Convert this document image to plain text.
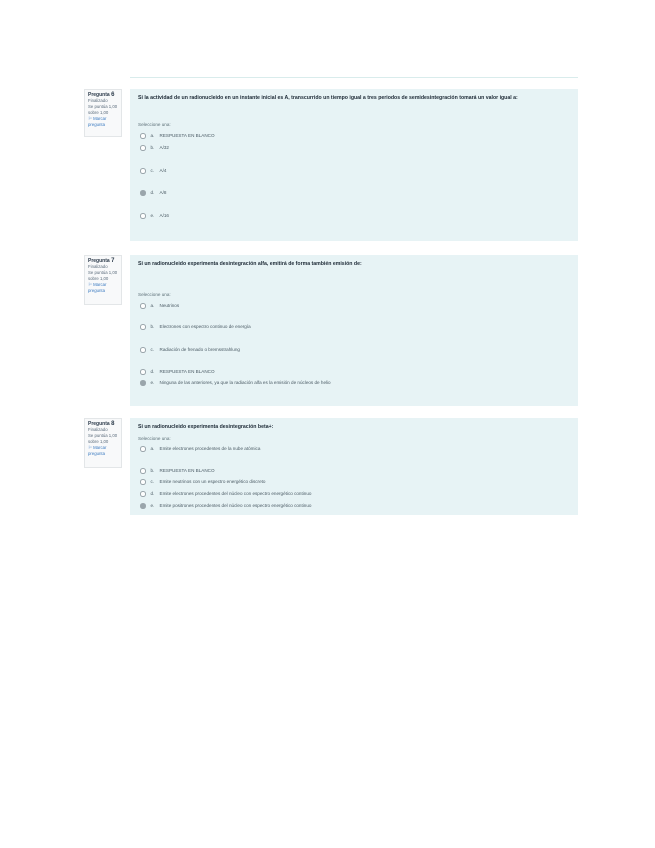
Pregunta 6
Finalizado
Se puntúa 1,00 sobre 1,00
⚐ Marcar pregunta
Si la actividad de un radionucleido en un instante inicial es A, transcurrido un tiempo igual a tres periodos de semidesintegración tomará un valor igual a:
Seleccione una:
a.	RESPUESTA EN BLANCO
b.	A/32
c.	A/4
d.	A/8
e.	A/16
Pregunta 7
Finalizado
Se puntúa 1,00 sobre 1,00
⚐ Marcar pregunta
Si un radionucleido experimenta desintegración alfa, emitirá de forma también emisión de:
Seleccione una:
a.	Neutrinos
b.	Electrones con espectro continuo de energía
c.	Radiación de frenado o bremsstrahlung
d.	RESPUESTA EN BLANCO
e.	Ninguna de las anteriores, ya que la radiación alfa es la emisión de núcleos de helio
Pregunta 8
Finalizado
Se puntúa 1,00 sobre 1,00
⚐ Marcar pregunta
Si un radionucleido experimenta desintegración beta+:
Seleccione una:
a.	Emite electrones procedentes de la nube atómica
b.	RESPUESTA EN BLANCO
c.	Emite neutrinos con un espectro energético discreto
d.	Emite electrones procedentes del núcleo con espectro energético continuo
e.	Emite positrones procedentes del núcleo con espectro energético continuo
